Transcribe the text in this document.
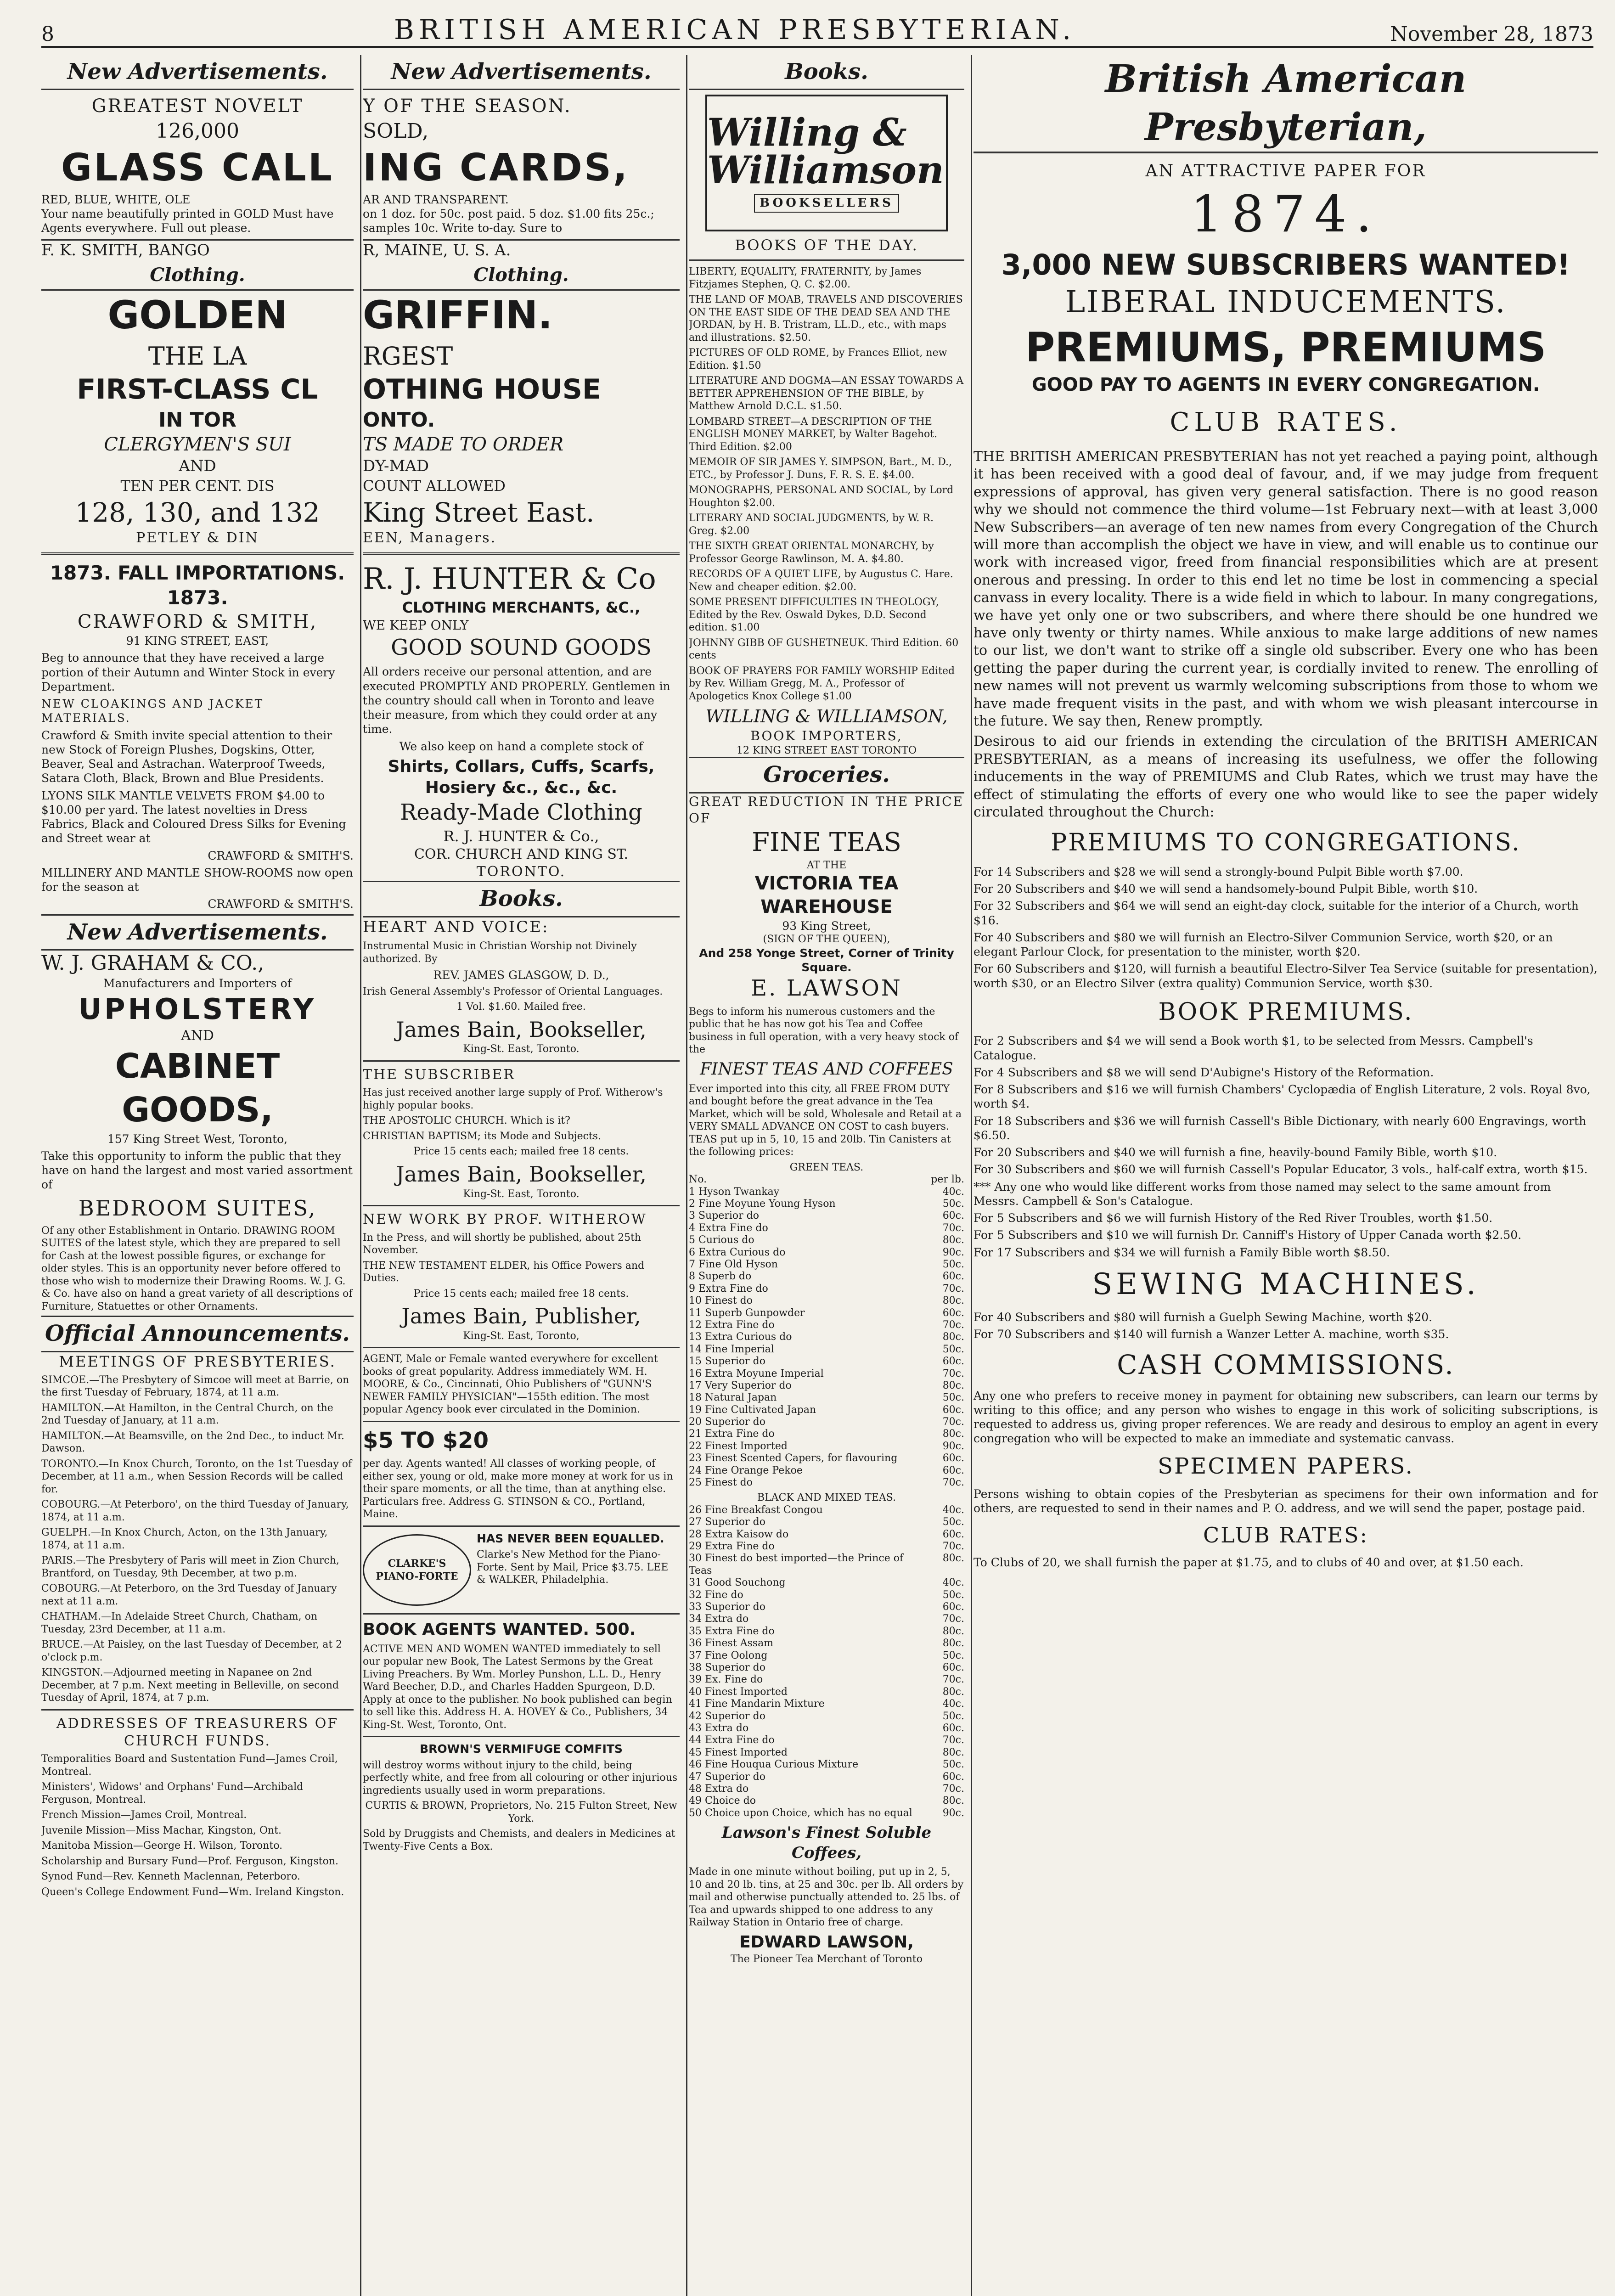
8	BRITISH AMERICAN PRESBYTERIAN.	November 28, 1873
New Advertisements.
GREATEST NOVELT
126,000
GLASS CALL
RED, BLUE, WHITE, OLE
Your name beautifully printed in GOLD Must have Agents everywhere. Full out please.
F. K. SMITH, BANGO
Clothing.
GOLDEN
THE LA
FIRST-CLASS CL
IN TOR
CLERGYMEN'S SUI
AND
TEN PER CENT. DIS
128, 130, and 132
PETLEY & DIN
1873. FALL IMPORTATIONS. 1873.
CRAWFORD & SMITH,
91 KING STREET, EAST,

Beg to announce that they have received a large portion of their Autumn and Winter Stock in every Department.

NEW CLOAKINGS AND JACKET MATERIALS.

Crawford & Smith invite special attention to their new Stock of Foreign Plushes, Dogskins, Otter, Beaver, Seal and Astrachan. Waterproof Tweeds, Satara Cloth, Black, Brown and Blue Presidents.

LYONS SILK MANTLE VELVETS FROM $4.00 to $10.00 per yard. The latest novelties in Dress Fabrics, Black and Coloured Dress Silks for Evening and Street wear at

CRAWFORD & SMITH'S.

MILLINERY AND MANTLE SHOW-ROOMS now open for the season at

CRAWFORD & SMITH'S.

New Advertisements.
W. J. GRAHAM & CO.,
Manufacturers and Importers of
UPHOLSTERY
AND
CABINET GOODS,
157 King Street West, Toronto,

Take this opportunity to inform the public that they have on hand the largest and most varied assortment of

BEDROOM SUITES,

Of any other Establishment in Ontario. DRAWING ROOM SUITES of the latest style, which they are prepared to sell for Cash at the lowest possible figures, or exchange for older styles. This is an opportunity never before offered to those who wish to modernize their Drawing Rooms. W. J. G. & Co. have also on hand a great variety of all descriptions of Furniture, Statuettes or other Ornaments.

Official Announcements.
MEETINGS OF PRESBYTERIES.

SIMCOE.—The Presbytery of Simcoe will meet at Barrie, on the first Tuesday of February, 1874, at 11 a.m.

HAMILTON.—At Hamilton, in the Central Church, on the 2nd Tuesday of January, at 11 a.m.

HAMILTON.—At Beamsville, on the 2nd Dec., to induct Mr. Dawson.

TORONTO.—In Knox Church, Toronto, on the 1st Tuesday of December, at 11 a.m., when Session Records will be called for.

COBOURG.—At Peterboro', on the third Tuesday of January, 1874, at 11 a.m.

GUELPH.—In Knox Church, Acton, on the 13th January, 1874, at 11 a.m.

PARIS.—The Presbytery of Paris will meet in Zion Church, Brantford, on Tuesday, 9th December, at two p.m.

COBOURG.—At Peterboro, on the 3rd Tuesday of January next at 11 a.m.

CHATHAM.—In Adelaide Street Church, Chatham, on Tuesday, 23rd December, at 11 a.m.

BRUCE.—At Paisley, on the last Tuesday of December, at 2 o'clock p.m.

KINGSTON.—Adjourned meeting in Napanee on 2nd December, at 7 p.m. Next meeting in Belleville, on second Tuesday of April, 1874, at 7 p.m.

ADDRESSES OF TREASURERS OF CHURCH FUNDS.

Temporalities Board and Sustentation Fund—James Croil, Montreal.

Ministers', Widows' and Orphans' Fund—Archibald Ferguson, Montreal.

French Mission—James Croil, Montreal.

Juvenile Mission—Miss Machar, Kingston, Ont.

Manitoba Mission—George H. Wilson, Toronto.

Scholarship and Bursary Fund—Prof. Ferguson, Kingston.

Synod Fund—Rev. Kenneth Maclennan, Peterboro.

Queen's College Endowment Fund—Wm. Ireland Kingston.

New Advertisements.
Y OF THE SEASON.
SOLD,
ING CARDS,
AR AND TRANSPARENT.
on 1 doz. for 50c. post paid. 5 doz. $1.00 fits 25c.; samples 10c. Write to-day. Sure to
R, MAINE, U. S. A.
Clothing.
GRIFFIN.
RGEST
OTHING HOUSE
ONTO.
TS MADE TO ORDER
DY-MAD
COUNT ALLOWED
King Street East.
EEN, Managers.
R. J. HUNTER & Co
CLOTHING MERCHANTS, &C.,
WE KEEP ONLY
GOOD SOUND GOODS

All orders receive our personal attention, and are executed PROMPTLY AND PROPERLY. Gentlemen in the country should call when in Toronto and leave their measure, from which they could order at any time.

We also keep on hand a complete stock of

Shirts, Collars, Cuffs, Scarfs, Hosiery &c., &c., &c.
Ready-Made Clothing
R. J. HUNTER & Co.,
COR. CHURCH AND KING ST.
TORONTO.
Books.
HEART AND VOICE:

Instrumental Music in Christian Worship not Divinely authorized. By

REV. JAMES GLASGOW, D. D.,

Irish General Assembly's Professor of Oriental Languages.

1 Vol. $1.60. Mailed free.

James Bain, Bookseller,
King-St. East, Toronto.
THE SUBSCRIBER

Has just received another large supply of Prof. Witherow's highly popular books.

THE APOSTOLIC CHURCH. Which is it?

CHRISTIAN BAPTISM; its Mode and Subjects.

Price 15 cents each; mailed free 18 cents.

James Bain, Bookseller,
King-St. East, Toronto.
NEW WORK BY PROF. WITHEROW

In the Press, and will shortly be published, about 25th November.

THE NEW TESTAMENT ELDER, his Office Powers and Duties.

Price 15 cents each; mailed free 18 cents.

James Bain, Publisher,
King-St. East, Toronto,

AGENT, Male or Female wanted everywhere for excellent books of great popularity. Address immediately WM. H. MOORE, & Co., Cincinnati, Ohio Publishers of "GUNN'S NEWER FAMILY PHYSICIAN"—155th edition. The most popular Agency book ever circulated in the Dominion.

$5 TO $20

per day. Agents wanted! All classes of working people, of either sex, young or old, make more money at work for us in their spare moments, or all the time, than at anything else. Particulars free. Address G. STINSON & CO., Portland, Maine.

CLARKE'S
PIANO-FORTE
HAS NEVER BEEN EQUALLED.

Clarke's New Method for the Piano-Forte. Sent by Mail, Price $3.75. LEE & WALKER, Philadelphia.

BOOK AGENTS WANTED. 500.

ACTIVE MEN AND WOMEN WANTED immediately to sell our popular new Book, The Latest Sermons by the Great Living Preachers. By Wm. Morley Punshon, L.L. D., Henry Ward Beecher, D.D., and Charles Hadden Spurgeon, D.D. Apply at once to the publisher. No book published can begin to sell like this. Address H. A. HOVEY & Co., Publishers, 34 King-St. West, Toronto, Ont.

BROWN'S VERMIFUGE COMFITS

will destroy worms without injury to the child, being perfectly white, and free from all colouring or other injurious ingredients usually used in worm preparations.

CURTIS & BROWN, Proprietors, No. 215 Fulton Street, New York.

Sold by Druggists and Chemists, and dealers in Medicines at Twenty-Five Cents a Box.

Books.
Willing & Williamson
BOOKSELLERS
BOOKS OF THE DAY.

LIBERTY, EQUALITY, FRATERNITY, by James Fitzjames Stephen, Q. C. $2.00.

THE LAND OF MOAB, TRAVELS AND DISCOVERIES ON THE EAST SIDE OF THE DEAD SEA AND THE JORDAN, by H. B. Tristram, LL.D., etc., with maps and illustrations. $2.50.

PICTURES OF OLD ROME, by Frances Elliot, new Edition. $1.50

LITERATURE AND DOGMA—AN ESSAY TOWARDS A BETTER APPREHENSION OF THE BIBLE, by Matthew Arnold D.C.L. $1.50.

LOMBARD STREET—A DESCRIPTION OF THE ENGLISH MONEY MARKET, by Walter Bagehot. Third Edition. $2.00

MEMOIR OF SIR JAMES Y. SIMPSON, Bart., M. D., ETC., by Professor J. Duns, F. R. S. E. $4.00.

MONOGRAPHS, PERSONAL AND SOCIAL, by Lord Houghton $2.00.

LITERARY AND SOCIAL JUDGMENTS, by W. R. Greg. $2.00

THE SIXTH GREAT ORIENTAL MONARCHY, by Professor George Rawlinson, M. A. $4.80.

RECORDS OF A QUIET LIFE, by Augustus C. Hare. New and cheaper edition. $2.00.

SOME PRESENT DIFFICULTIES IN THEOLOGY, Edited by the Rev. Oswald Dykes, D.D. Second edition. $1.00

JOHNNY GIBB OF GUSHETNEUK. Third Edition. 60 cents

BOOK OF PRAYERS FOR FAMILY WORSHIP Edited by Rev. William Gregg, M. A., Professor of Apologetics Knox College $1.00

WILLING & WILLIAMSON,
BOOK IMPORTERS,
12 KING STREET EAST TORONTO
Groceries.
GREAT REDUCTION IN THE PRICE OF
FINE TEAS
AT THE
VICTORIA TEA WAREHOUSE
93 King Street,
(SIGN OF THE QUEEN),
And 258 Yonge Street, Corner of Trinity Square.
E. LAWSON

Begs to inform his numerous customers and the public that he has now got his Tea and Coffee business in full operation, with a very heavy stock of the

FINEST TEAS AND COFFEES

Ever imported into this city, all FREE FROM DUTY and bought before the great advance in the Tea Market, which will be sold, Wholesale and Retail at a VERY SMALL ADVANCE ON COST to cash buyers. TEAS put up in 5, 10, 15 and 20lb. Tin Canisters at the following prices:

GREEN TEAS.
No.	per lb.
1 Hyson Twankay	40c.
2 Fine Moyune Young Hyson	50c.
3 Superior do	60c.
4 Extra Fine do	70c.
5 Curious do	80c.
6 Extra Curious do	90c.
7 Fine Old Hyson	50c.
8 Superb do	60c.
9 Extra Fine do	70c.
10 Finest do	80c.
11 Superb Gunpowder	60c.
12 Extra Fine do	70c.
13 Extra Curious do	80c.
14 Fine Imperial	50c.
15 Superior do	60c.
16 Extra Moyune Imperial	70c.
17 Very Superior do	80c.
18 Natural Japan	50c.
19 Fine Cultivated Japan	60c.
20 Superior do	70c.
21 Extra Fine do	80c.
22 Finest Imported	90c.
23 Finest Scented Capers, for flavouring	60c.
24 Fine Orange Pekoe	60c.
25 Finest do	70c.
BLACK AND MIXED TEAS.
26 Fine Breakfast Congou	40c.
27 Superior do	50c.
28 Extra Kaisow do	60c.
29 Extra Fine do	70c.
30 Finest do best imported—the Prince of Teas
80c.
31 Good Souchong	40c.
32 Fine do	50c.
33 Superior do	60c.
34 Extra do	70c.
35 Extra Fine do	80c.
36 Finest Assam	80c.
37 Fine Oolong	50c.
38 Superior do	60c.
39 Ex. Fine do	70c.
40 Finest Imported	80c.
41 Fine Mandarin Mixture	40c.
42 Superior do	50c.
43 Extra do	60c.
44 Extra Fine do	70c.
45 Finest Imported	80c.
46 Fine Houqua Curious Mixture	50c.
47 Superior do	60c.
48 Extra do	70c.
49 Choice do	80c.
50 Choice upon Choice, which has no equal	90c.
Lawson's Finest Soluble Coffees,

Made in one minute without boiling, put up in 2, 5, 10 and 20 lb. tins, at 25 and 30c. per lb. All orders by mail and otherwise punctually attended to. 25 lbs. of Tea and upwards shipped to one address to any Railway Station in Ontario free of charge.

EDWARD LAWSON,
The Pioneer Tea Merchant of Toronto
British American Presbyterian,
AN ATTRACTIVE PAPER FOR
1874.
3,000 NEW SUBSCRIBERS WANTED!
LIBERAL INDUCEMENTS.
PREMIUMS, PREMIUMS
GOOD PAY TO AGENTS IN EVERY CONGREGATION.
CLUB RATES.

THE BRITISH AMERICAN PRESBYTERIAN has not yet reached a paying point, although it has been received with a good deal of favour, and, if we may judge from frequent expressions of approval, has given very general satisfaction. There is no good reason why we should not commence the third volume—1st February next—with at least 3,000 New Subscribers—an average of ten new names from every Congregation of the Church will more than accomplish the object we have in view, and will enable us to continue our work with increased vigor, freed from financial responsibilities which are at present onerous and pressing. In order to this end let no time be lost in commencing a special canvass in every locality. There is a wide field in which to labour. In many congregations, we have yet only one or two subscribers, and where there should be one hundred we have only twenty or thirty names. While anxious to make large additions of new names to our list, we don't want to strike off a single old subscriber. Every one who has been getting the paper during the current year, is cordially invited to renew. The enrolling of new names will not prevent us warmly welcoming subscriptions from those to whom we have made frequent visits in the past, and with whom we wish pleasant intercourse in the future. We say then, Renew promptly.

Desirous to aid our friends in extending the circulation of the BRITISH AMERICAN PRESBYTERIAN, as a means of increasing its usefulness, we offer the following inducements in the way of PREMIUMS and Club Rates, which we trust may have the effect of stimulating the efforts of every one who would like to see the paper widely circulated throughout the Church:

PREMIUMS TO CONGREGATIONS.

For 14 Subscribers and $28 we will send a strongly-bound Pulpit Bible worth $7.00.

For 20 Subscribers and $40 we will send a handsomely-bound Pulpit Bible, worth $10.

For 32 Subscribers and $64 we will send an eight-day clock, suitable for the interior of a Church, worth $16.

For 40 Subscribers and $80 we will furnish an Electro-Silver Communion Service, worth $20, or an elegant Parlour Clock, for presentation to the minister, worth $20.

For 60 Subscribers and $120, will furnish a beautiful Electro-Silver Tea Service (suitable for presentation), worth $30, or an Electro Silver (extra quality) Communion Service, worth $30.

BOOK PREMIUMS.

For 2 Subscribers and $4 we will send a Book worth $1, to be selected from Messrs. Campbell's Catalogue.

For 4 Subscribers and $8 we will send D'Aubigne's History of the Reformation.

For 8 Subscribers and $16 we will furnish Chambers' Cyclopædia of English Literature, 2 vols. Royal 8vo, worth $4.

For 18 Subscribers and $36 we will furnish Cassell's Bible Dictionary, with nearly 600 Engravings, worth $6.50.

For 20 Subscribers and $40 we will furnish a fine, heavily-bound Family Bible, worth $10.

For 30 Subscribers and $60 we will furnish Cassell's Popular Educator, 3 vols., half-calf extra, worth $15.

*** Any one who would like different works from those named may select to the same amount from Messrs. Campbell & Son's Catalogue.

For 5 Subscribers and $6 we will furnish History of the Red River Troubles, worth $1.50.

For 5 Subscribers and $10 we will furnish Dr. Canniff's History of Upper Canada worth $2.50.

For 17 Subscribers and $34 we will furnish a Family Bible worth $8.50.

SEWING MACHINES.

For 40 Subscribers and $80 will furnish a Guelph Sewing Machine, worth $20.

For 70 Subscribers and $140 will furnish a Wanzer Letter A. machine, worth $35.

CASH COMMISSIONS.

Any one who prefers to receive money in payment for obtaining new subscribers, can learn our terms by writing to this office; and any person who wishes to engage in this work of soliciting subscriptions, is requested to address us, giving proper references. We are ready and desirous to employ an agent in every congregation who will be expected to make an immediate and systematic canvass.

SPECIMEN PAPERS.

Persons wishing to obtain copies of the Presbyterian as specimens for their own information and for others, are requested to send in their names and P. O. address, and we will send the paper, postage paid.

CLUB RATES:

To Clubs of 20, we shall furnish the paper at $1.75, and to clubs of 40 and over, at $1.50 each.
